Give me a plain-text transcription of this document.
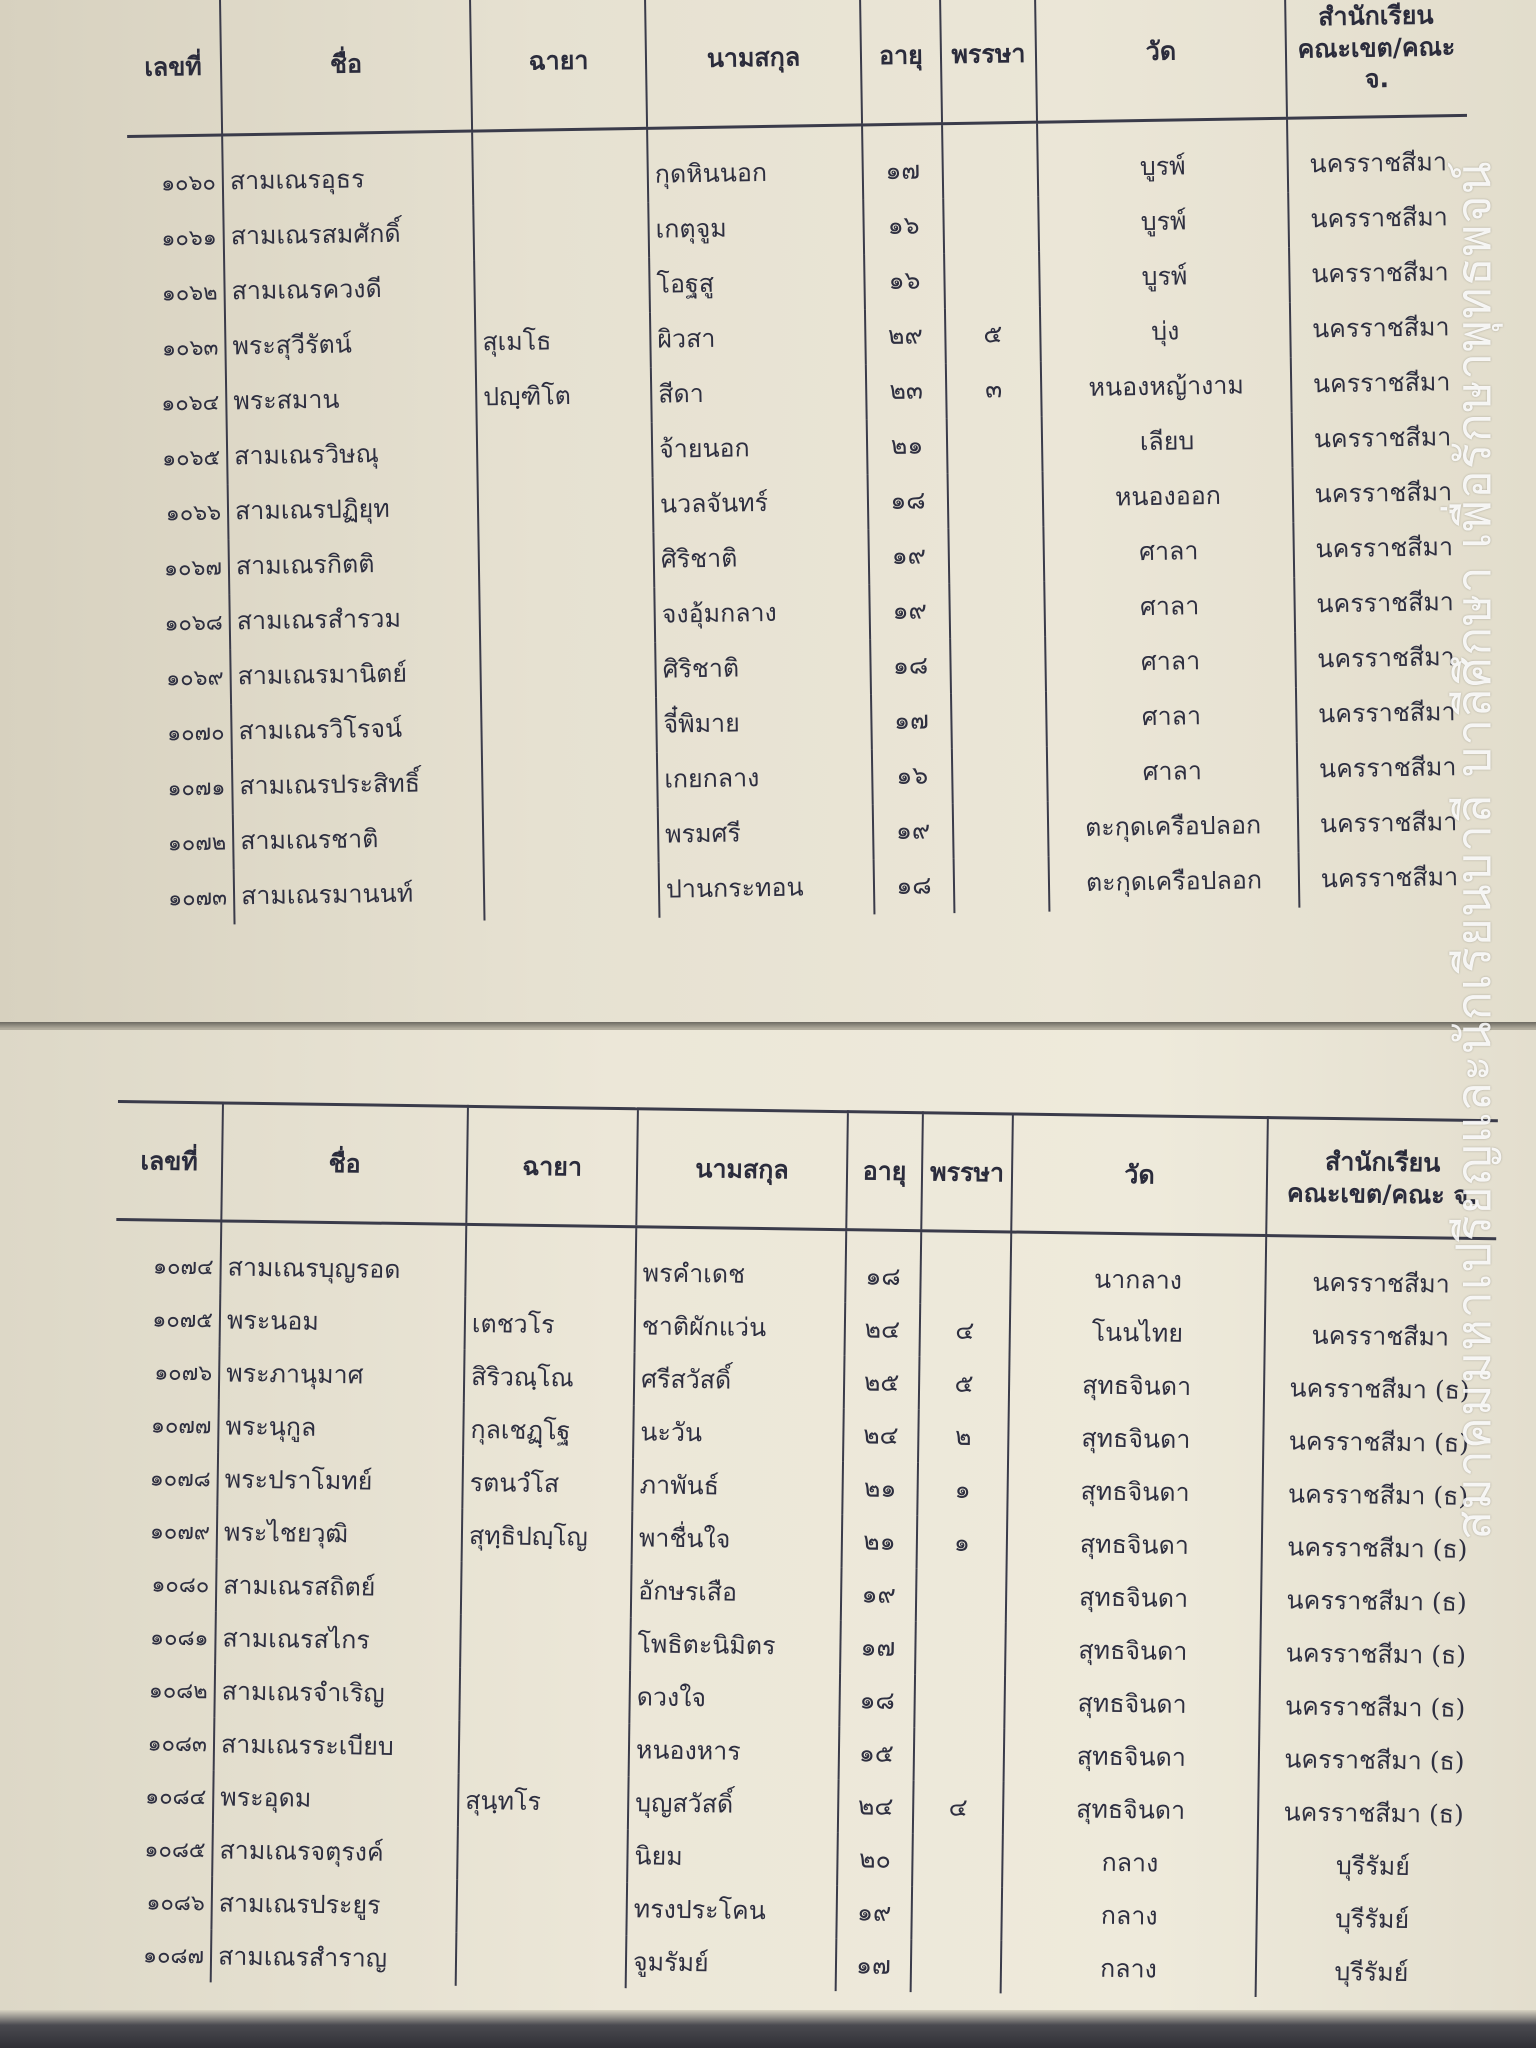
เลขที่	ชื่อ	ฉายา	นามสกุล	อายุ	พรรษา	วัด	สำนักเรียน
คณะเขต/คณะ จ.

๑๐๖๐	สามเณรอุธร		กุดหินนอก	๑๗		บูรพ์	นครราชสีมา
๑๐๖๑	สามเณรสมศักดิ์		เกตุจูม	๑๖		บูรพ์	นครราชสีมา
๑๐๖๒	สามเณรควงดี		โอฐสู	๑๖		บูรพ์	นครราชสีมา
๑๐๖๓	พระสุวีรัตน์	สุเมโธ	ผิวสา	๒๙	๕	บุ่ง	นครราชสีมา
๑๐๖๔	พระสมาน	ปญฺฑิโต	สีดา	๒๓	๓	หนองหญ้างาม	นครราชสีมา
๑๐๖๕	สามเณรวิษณุ		จ้ายนอก	๒๑		เลียบ	นครราชสีมา
๑๐๖๖	สามเณรปฏิยุท		นวลจันทร์	๑๘		หนองออก	นครราชสีมา
๑๐๖๗	สามเณรกิตติ		ศิริชาติ	๑๙		ศาลา	นครราชสีมา
๑๐๖๘	สามเณรสำรวม		จงอุ้มกลาง	๑๙		ศาลา	นครราชสีมา
๑๐๖๙	สามเณรมานิตย์		ศิริชาติ	๑๘		ศาลา	นครราชสีมา
๑๐๗๐	สามเณรวิโรจน์		จี๋พิมาย	๑๗		ศาลา	นครราชสีมา
๑๐๗๑	สามเณรประสิทธิ์		เกยกลาง	๑๖		ศาลา	นครราชสีมา
๑๐๗๒	สามเณรชาติ		พรมศรี	๑๙		ตะกุดเครือปลอก	นครราชสีมา
๑๐๗๓	สามเณรมานนท์		ปานกระทอน	๑๘		ตะกุดเครือปลอก	นครราชสีมา
เลขที่	ชื่อ	ฉายา	นามสกุล	อายุ	พรรษา	วัด	สำนักเรียน
คณะเขต/คณะ จ.

๑๐๗๔	สามเณรบุญรอด		พรคำเดช	๑๘		นากลาง	นครราชสีมา
๑๐๗๕	พระนอม	เตชวโร	ชาติผักแว่น	๒๔	๔	โนนไทย	นครราชสีมา
๑๐๗๖	พระภานุมาศ	สิริวณฺโณ	ศรีสวัสดิ์	๒๕	๕	สุทธจินดา	นครราชสีมา (ธ)
๑๐๗๗	พระนุกูล	กุลเชฏฺโฐ	นะวัน	๒๔	๒	สุทธจินดา	นครราชสีมา (ธ)
๑๐๗๘	พระปราโมทย์	รตนวํโส	ภาพันธ์	๒๑	๑	สุทธจินดา	นครราชสีมา (ธ)
๑๐๗๙	พระไชยวุฒิ	สุทฺธิปญฺโญ	พาชื่นใจ	๒๑	๑	สุทธจินดา	นครราชสีมา (ธ)
๑๐๘๐	สามเณรสถิตย์		อักษรเสือ	๑๙		สุทธจินดา	นครราชสีมา (ธ)
๑๐๘๑	สามเณรสไกร		โพธิตะนิมิตร	๑๗		สุทธจินดา	นครราชสีมา (ธ)
๑๐๘๒	สามเณรจำเริญ		ดวงใจ	๑๘		สุทธจินดา	นครราชสีมา (ธ)
๑๐๘๓	สามเณรระเบียบ		หนองหาร	๑๕		สุทธจินดา	นครราชสีมา (ธ)
๑๐๘๔	พระอุดม	สุนฺทโร	บุญสวัสดิ์	๒๔	๔	สุทธจินดา	นครราชสีมา (ธ)
๑๐๘๕	สามเณรจตุรงค์		นิยม	๒๐		กลาง	บุรีรัมย์
๑๐๘๖	สามเณรประยูร		ทรงประโคน	๑๙		กลาง	บุรีรัมย์
๑๐๘๗	สามเณรสำราญ		จูมรัมย์	๑๗		กลาง	บุรีรัมย์
สมาคมมหาเปรียญและนักเรียนบาลี บาลีศึกษา เพื่อรักษาพุทธพจน์
